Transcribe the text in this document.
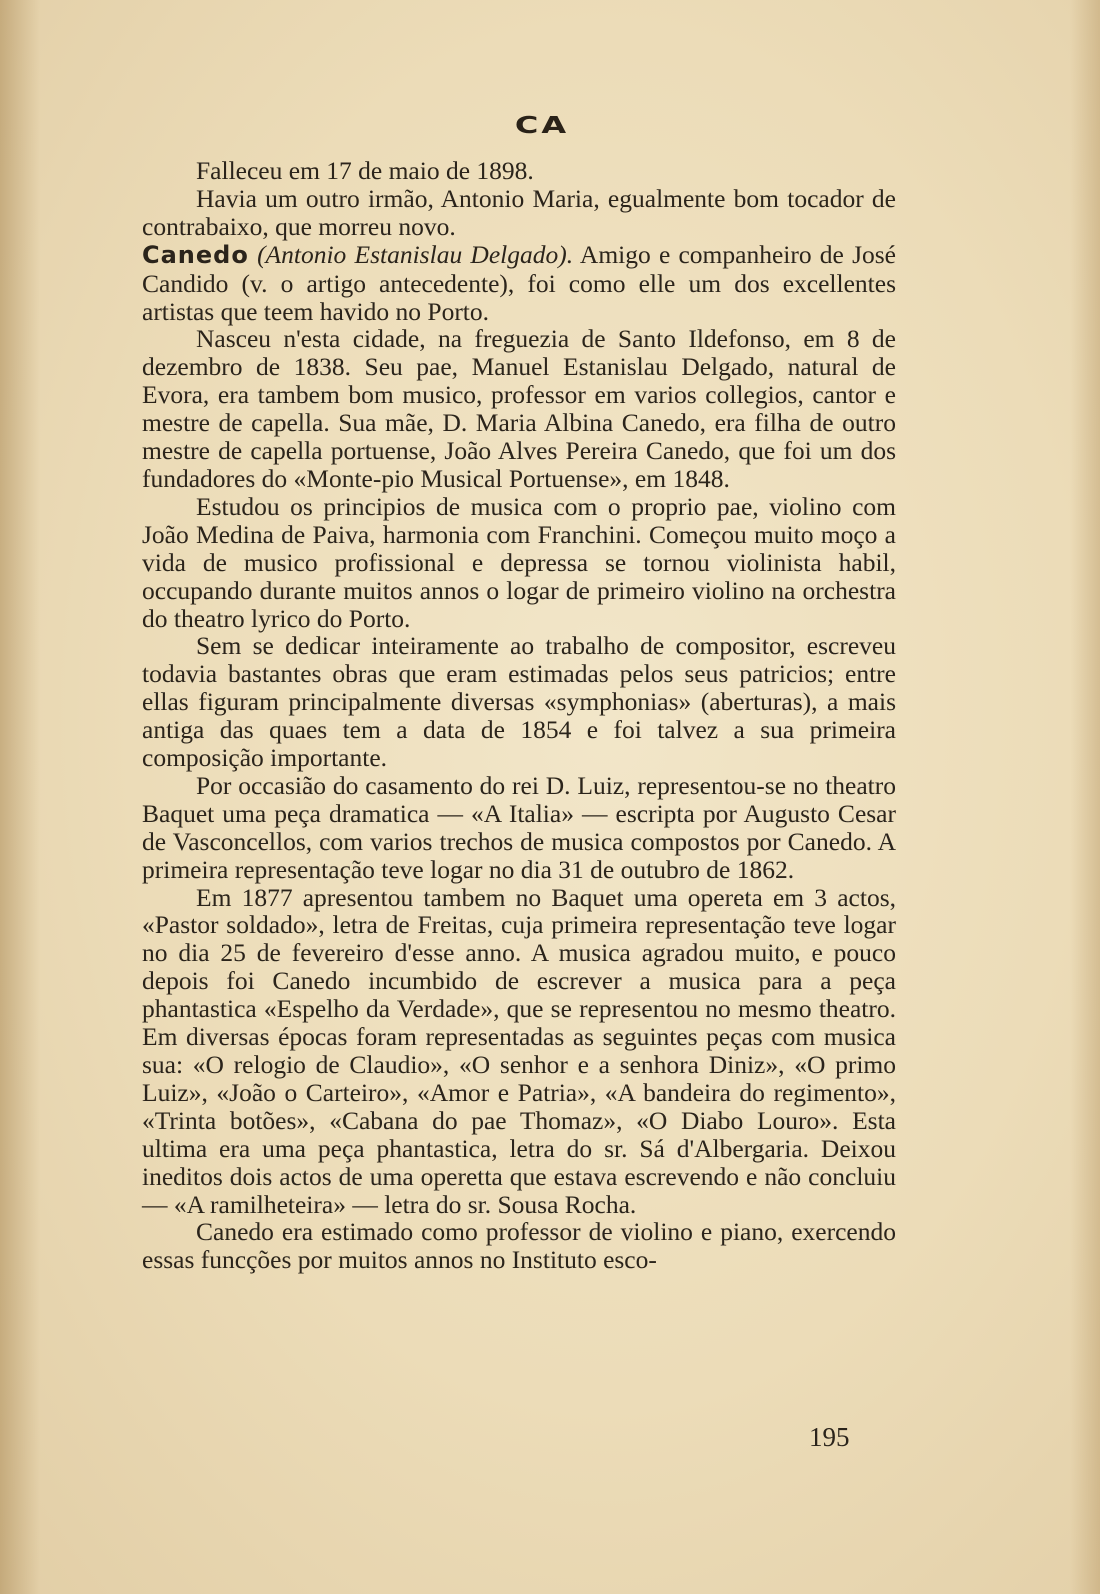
CA

Falleceu em 17 de maio de 1898.

Havia um outro irmão, Antonio Maria, egualmente bom tocador de contrabaixo, que morreu novo.

Canedo (Antonio Estanislau Delgado). Amigo e companheiro de José Candido (v. o artigo antecedente), foi como elle um dos excellentes artistas que teem havido no Porto.

Nasceu n'esta cidade, na freguezia de Santo Ildefonso, em 8 de dezembro de 1838. Seu pae, Manuel Estanislau Delgado, natural de Evora, era tambem bom musico, professor em varios collegios, cantor e mestre de capella. Sua mãe, D. Maria Albina Canedo, era filha de outro mestre de capella portuense, João Alves Pereira Canedo, que foi um dos fundadores do «Monte-pio Musical Portuense», em 1848.

Estudou os principios de musica com o proprio pae, violino com João Medina de Paiva, harmonia com Franchini. Começou muito moço a vida de musico profissional e depressa se tornou violinista habil, occupando durante muitos annos o logar de primeiro violino na orchestra do theatro lyrico do Porto.

Sem se dedicar inteiramente ao trabalho de compositor, escreveu todavia bastantes obras que eram estimadas pelos seus patricios; entre ellas figuram principalmente diversas «symphonias» (aberturas), a mais antiga das quaes tem a data de 1854 e foi talvez a sua primeira composição importante.

Por occasião do casamento do rei D. Luiz, representou-se no theatro Baquet uma peça dramatica — «A Italia» — escripta por Augusto Cesar de Vasconcellos, com varios trechos de musica compostos por Canedo. A primeira representação teve logar no dia 31 de outubro de 1862.

Em 1877 apresentou tambem no Baquet uma opereta em 3 actos, «Pastor soldado», letra de Freitas, cuja primeira representação teve logar no dia 25 de fevereiro d'esse anno. A musica agradou muito, e pouco depois foi Canedo incumbido de escrever a musica para a peça phantastica «Espelho da Verdade», que se representou no mesmo theatro. Em diversas épocas foram representadas as seguintes peças com musica sua: «O relogio de Claudio», «O senhor e a senhora Diniz», «O primo Luiz», «João o Carteiro», «Amor e Patria», «A bandeira do regimento», «Trinta botões», «Cabana do pae Thomaz», «O Diabo Louro». Esta ultima era uma peça phantastica, letra do sr. Sá d'Albergaria. Deixou ineditos dois actos de uma operetta que estava escrevendo e não concluiu — «A ramilheteira» — letra do sr. Sousa Rocha.

Canedo era estimado como professor de violino e piano, exercendo essas funcções por muitos annos no Instituto esco-

195
